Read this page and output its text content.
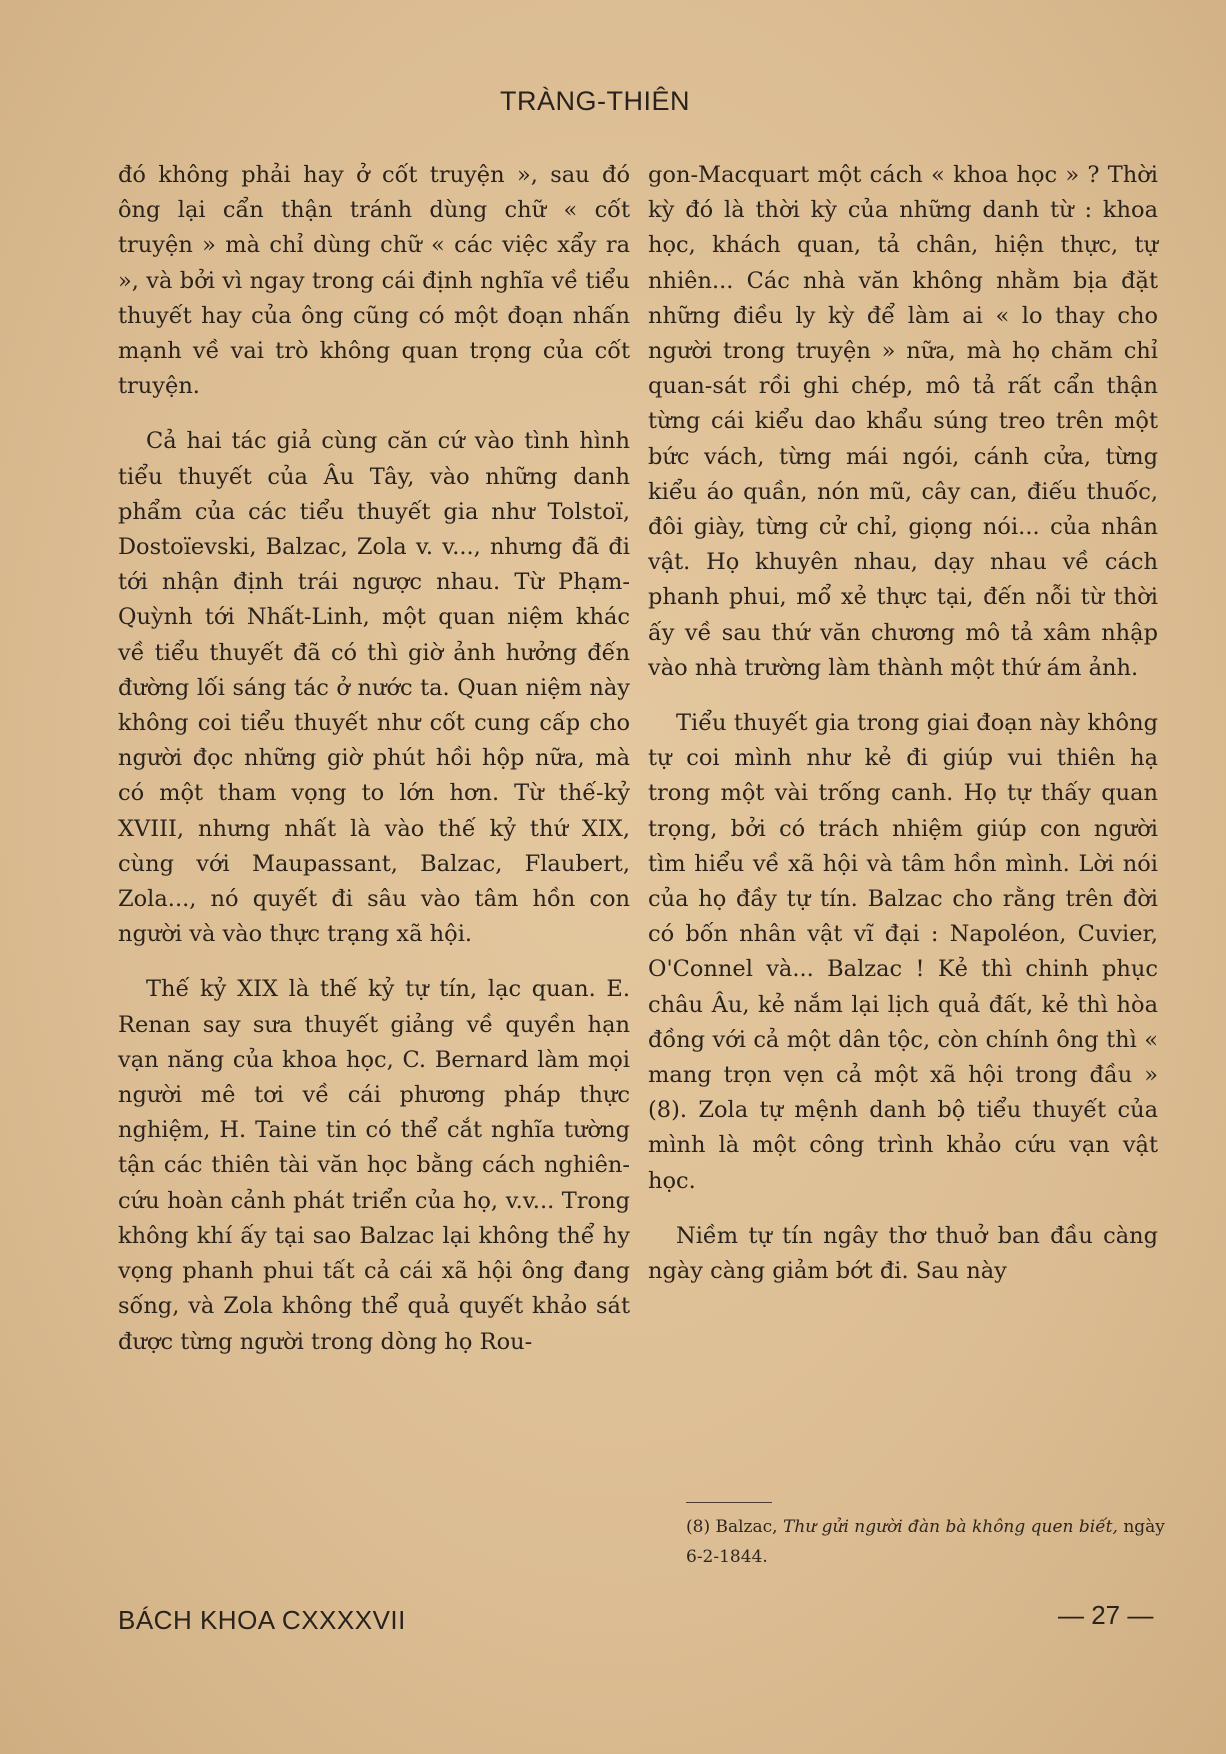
TRÀNG-THIÊN

đó không phải hay ở cốt truyện », sau đó ông lại cẩn thận tránh dùng chữ « cốt truyện » mà chỉ dùng chữ « các việc xẩy ra », và bởi vì ngay trong cái định nghĩa về tiểu thuyết hay của ông cũng có một đoạn nhấn mạnh về vai trò không quan trọng của cốt truyện.

Cả hai tác giả cùng căn cứ vào tình hình tiểu thuyết của Âu Tây, vào những danh phẩm của các tiểu thuyết gia như Tolstoï, Dostoïevski, Balzac, Zola v. v..., nhưng đã đi tới nhận định trái ngược nhau. Từ Phạm-Quỳnh tới Nhất-Linh, một quan niệm khác về tiểu thuyết đã có thì giờ ảnh hưởng đến đường lối sáng tác ở nước ta. Quan niệm này không coi tiểu thuyết như cốt cung cấp cho người đọc những giờ phút hồi hộp nữa, mà có một tham vọng to lớn hơn. Từ thế-kỷ XVIII, nhưng nhất là vào thế kỷ thứ XIX, cùng với Maupassant, Balzac, Flaubert, Zola..., nó quyết đi sâu vào tâm hồn con người và vào thực trạng xã hội.

Thế kỷ XIX là thế kỷ tự tín, lạc quan. E. Renan say sưa thuyết giảng về quyền hạn vạn năng của khoa học, C. Bernard làm mọi người mê tơi về cái phương pháp thực nghiệm, H. Taine tin có thể cắt nghĩa tường tận các thiên tài văn học bằng cách nghiên-cứu hoàn cảnh phát triển của họ, v.v... Trong không khí ấy tại sao Balzac lại không thể hy vọng phanh phui tất cả cái xã hội ông đang sống, và Zola không thể quả quyết khảo sát được từng người trong dòng họ Rou-

gon-Macquart một cách « khoa học » ? Thời kỳ đó là thời kỳ của những danh từ : khoa học, khách quan, tả chân, hiện thực, tự nhiên... Các nhà văn không nhằm bịa đặt những điều ly kỳ để làm ai « lo thay cho người trong truyện » nữa, mà họ chăm chỉ quan-sát rồi ghi chép, mô tả rất cẩn thận từng cái kiểu dao khẩu súng treo trên một bức vách, từng mái ngói, cánh cửa, từng kiểu áo quần, nón mũ, cây can, điếu thuốc, đôi giày, từng cử chỉ, giọng nói... của nhân vật. Họ khuyên nhau, dạy nhau về cách phanh phui, mổ xẻ thực tại, đến nỗi từ thời ấy về sau thứ văn chương mô tả xâm nhập vào nhà trường làm thành một thứ ám ảnh.

Tiểu thuyết gia trong giai đoạn này không tự coi mình như kẻ đi giúp vui thiên hạ trong một vài trống canh. Họ tự thấy quan trọng, bởi có trách nhiệm giúp con người tìm hiểu về xã hội và tâm hồn mình. Lời nói của họ đầy tự tín. Balzac cho rằng trên đời có bốn nhân vật vĩ đại : Napoléon, Cuvier, O'Connel và... Balzac ! Kẻ thì chinh phục châu Âu, kẻ nắm lại lịch quả đất, kẻ thì hòa đồng với cả một dân tộc, còn chính ông thì « mang trọn vẹn cả một xã hội trong đầu » (8). Zola tự mệnh danh bộ tiểu thuyết của mình là một công trình khảo cứu vạn vật học.

Niềm tự tín ngây thơ thuở ban đầu càng ngày càng giảm bớt đi. Sau này

(8) Balzac, Thư gửi người đàn bà không quen biết, ngày 6-2-1844.
BÁCH KHOA CXXXXVII	— 27 —
